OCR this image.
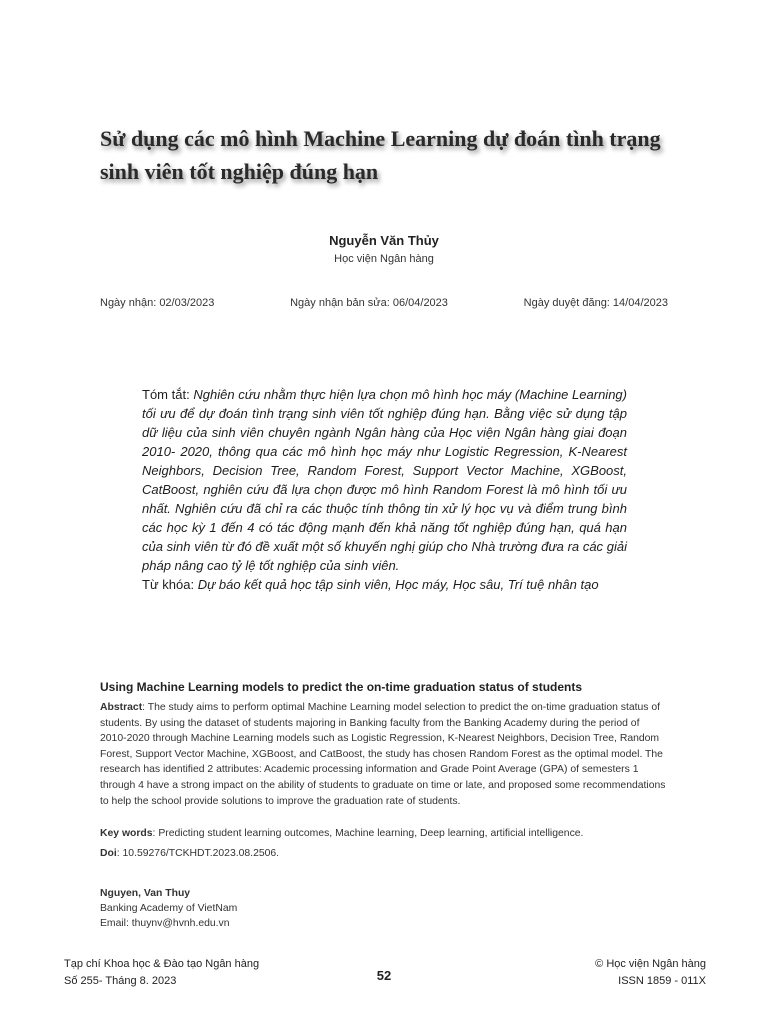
Sử dụng các mô hình Machine Learning dự đoán tình trạng sinh viên tốt nghiệp đúng hạn
Nguyễn Văn Thủy
Học viện Ngân hàng
Ngày nhận: 02/03/2023	Ngày nhận bản sửa: 06/04/2023	Ngày duyệt đăng: 14/04/2023

Tóm tắt: Nghiên cứu nhằm thực hiện lựa chọn mô hình học máy (Machine Learning) tối ưu để dự đoán tình trạng sinh viên tốt nghiệp đúng hạn. Bằng việc sử dụng tập dữ liệu của sinh viên chuyên ngành Ngân hàng của Học viện Ngân hàng giai đoạn 2010- 2020, thông qua các mô hình học máy như Logistic Regression, K-Nearest Neighbors, Decision Tree, Random Forest, Support Vector Machine, XGBoost, CatBoost, nghiên cứu đã lựa chọn được mô hình Random Forest là mô hình tối ưu nhất. Nghiên cứu đã chỉ ra các thuộc tính thông tin xử lý học vụ và điểm trung bình các học kỳ 1 đến 4 có tác động mạnh đến khả năng tốt nghiệp đúng hạn, quá hạn của sinh viên từ đó đề xuất một số khuyến nghị giúp cho Nhà trường đưa ra các giải pháp nâng cao tỷ lệ tốt nghiệp của sinh viên.

Từ khóa: Dự báo kết quả học tập sinh viên, Học máy, Học sâu, Trí tuệ nhân tạo

Using Machine Learning models to predict the on-time graduation status of students

Abstract: The study aims to perform optimal Machine Learning model selection to predict the on-time graduation status of students. By using the dataset of students majoring in Banking faculty from the Banking Academy during the period of 2010-2020 through Machine Learning models such as Logistic Regression, K-Nearest Neighbors, Decision Tree, Random Forest, Support Vector Machine, XGBoost, and CatBoost, the study has chosen Random Forest as the optimal model. The research has identified 2 attributes: Academic processing information and Grade Point Average (GPA) of semesters 1 through 4 have a strong impact on the ability of students to graduate on time or late, and proposed some recommendations to help the school provide solutions to improve the graduation rate of students.

Key words: Predicting student learning outcomes, Machine learning, Deep learning, artificial intelligence.
Doi: 10.59276/TCKHDT.2023.08.2506.
Nguyen, Van Thuy
Banking Academy of VietNam
Email: thuynv@hvnh.edu.vn
Tạp chí Khoa học & Đào tạo Ngân hàng
Số 255- Tháng 8. 2023	52
© Học viện Ngân hàng
ISSN 1859 - 011X
